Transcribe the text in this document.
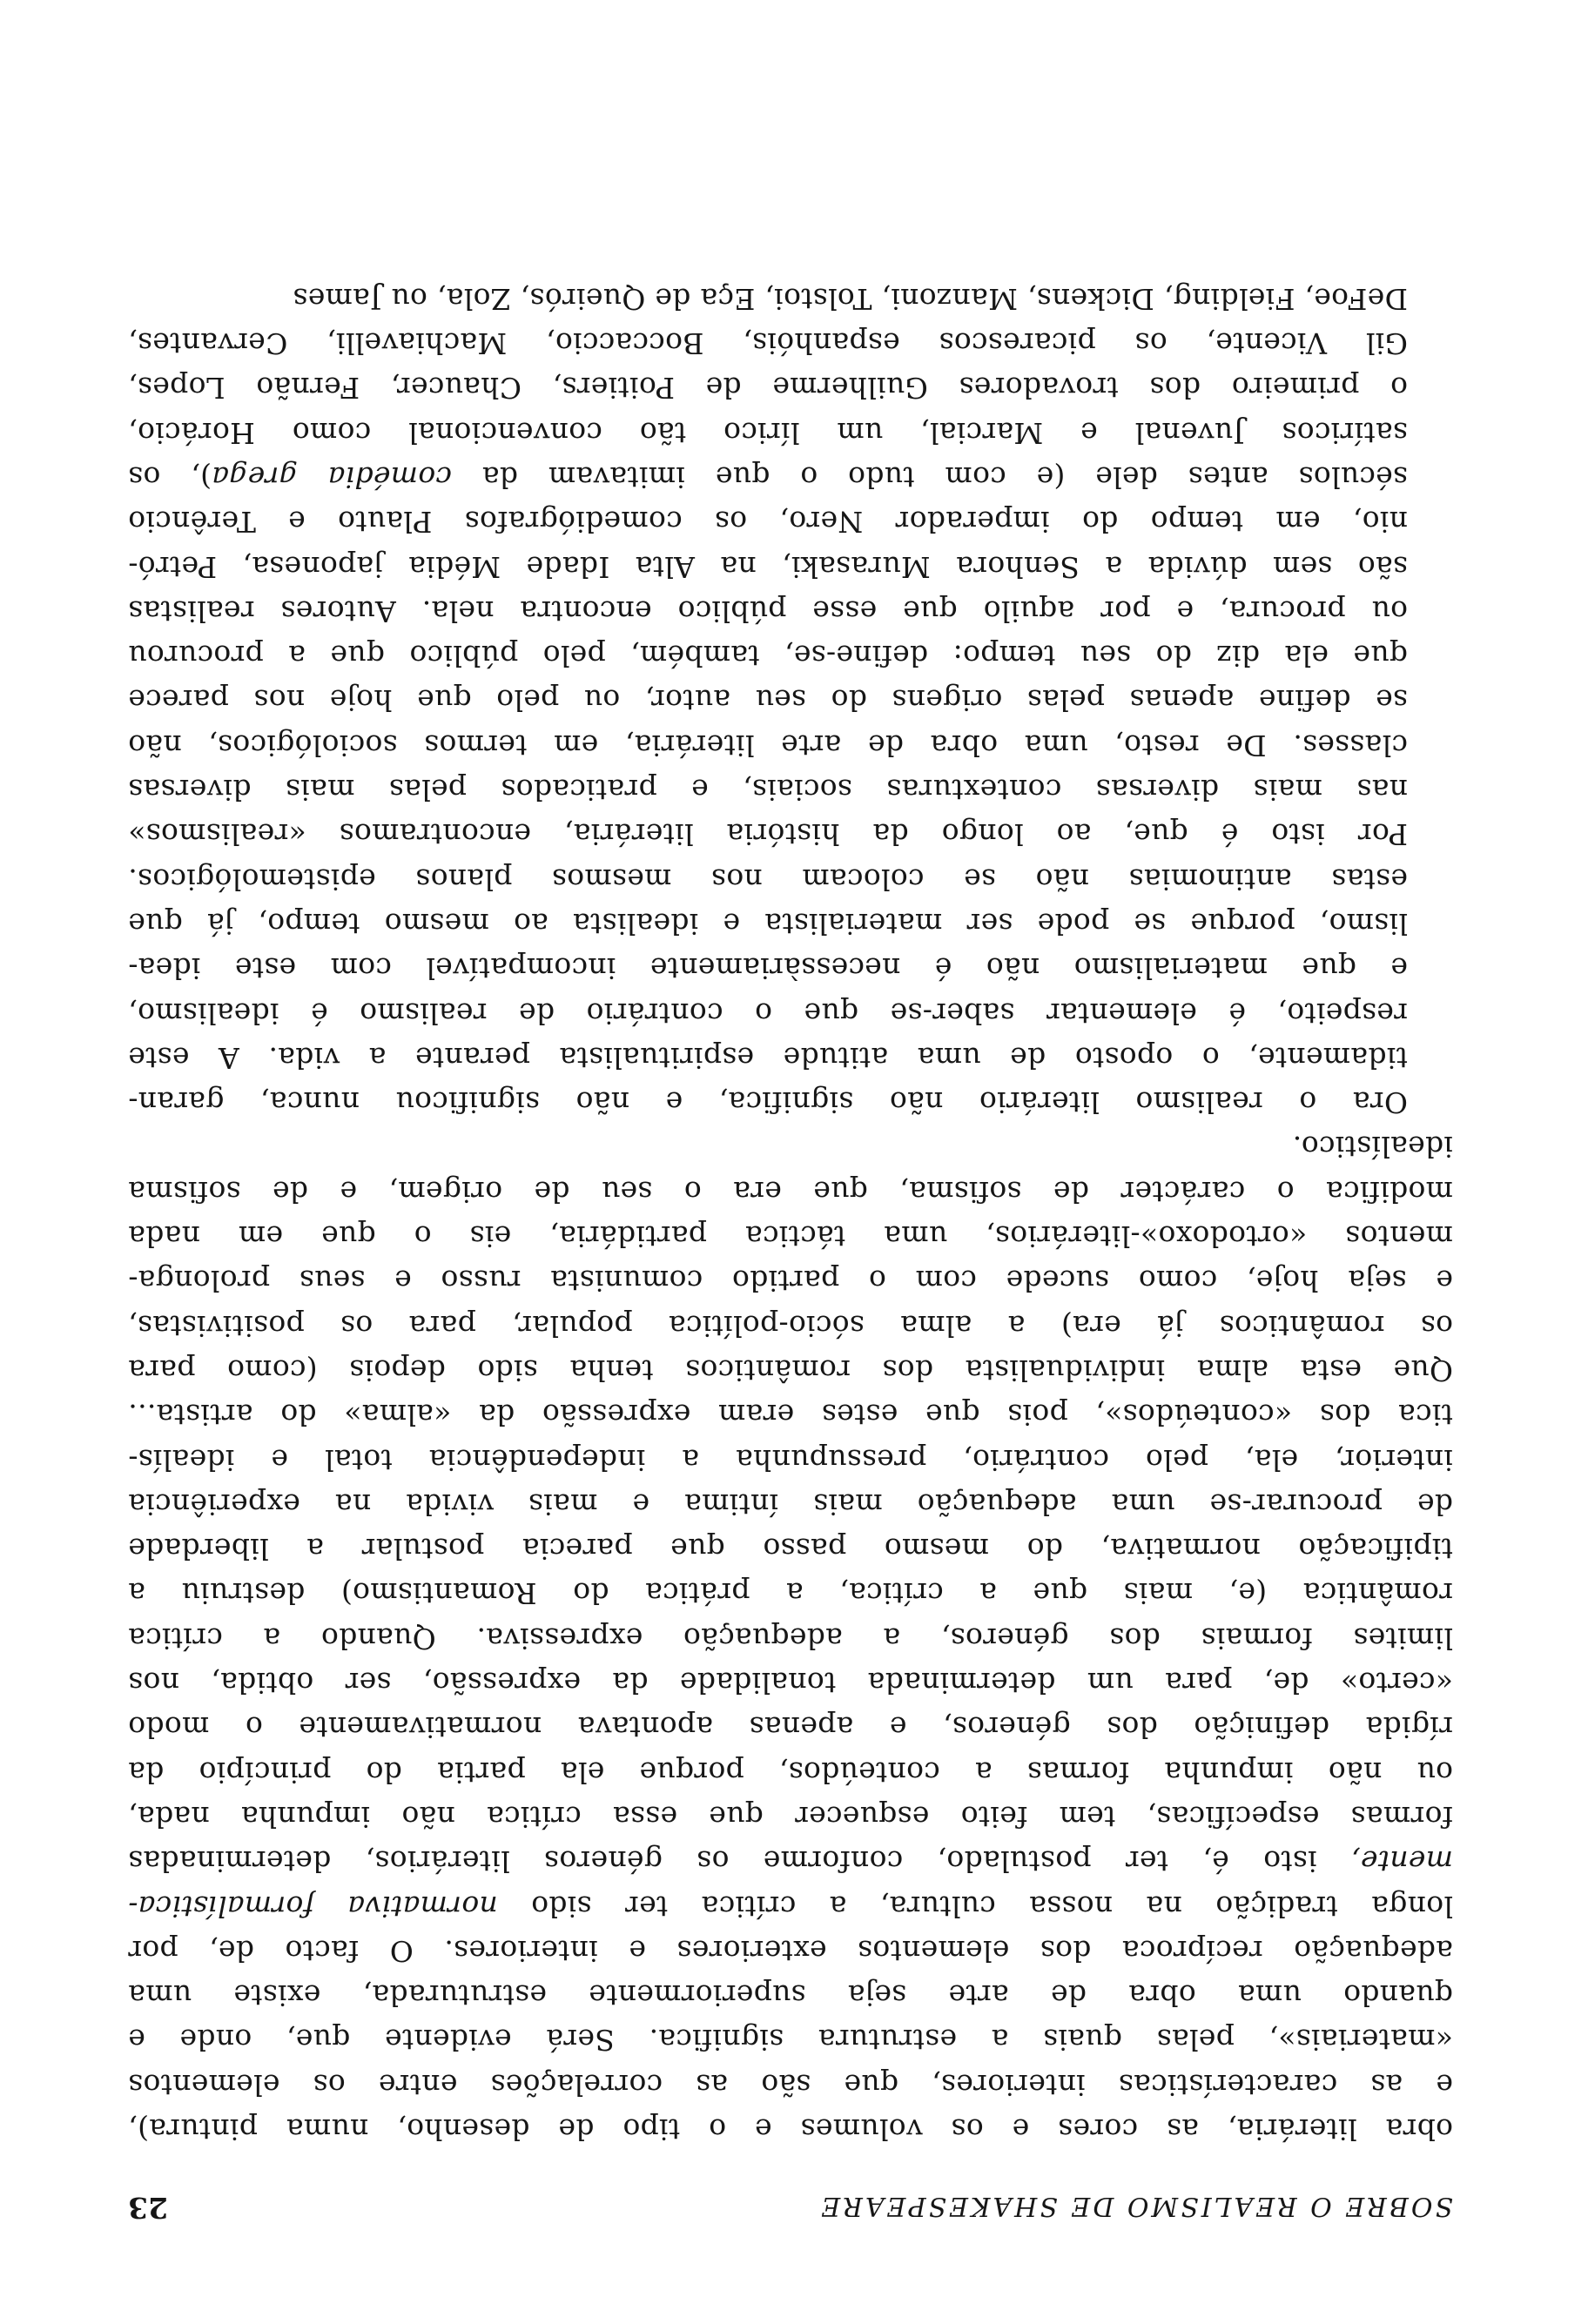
SOBRE O REALISMO DE SHAKESPEARE
23

obra literária, as cores e os volumes e o tipo de desenho, numa pintura),
e as características interiores, que são as correlações entre os elementos
«materiais», pelas quais a estrutura significa. Será evidente que, onde e
quando uma obra de arte seja superiormente estruturada, existe uma
adequação recíproca dos elementos exteriores e interiores. O facto de, por
longa tradição na nossa cultura, a crítica ter sido normativa formalística-
mente, isto é, ter postulado, conforme os géneros literários, determinadas
formas específicas, tem feito esquecer que essa crítica não impunha nada,
ou não impunha formas a conteúdos, porque ela partia do princípio da
rígida definição dos géneros, e apenas apontava normativamente o modo
«certo» de, para um determinada tonalidade da expressão, ser obtida, nos
limites formais dos géneros, a adequação expressiva. Quando a crítica
romântica (e, mais que a crítica, a prática do Romantismo) destruiu a
tipificação normativa, do mesmo passo que parecia postular a liberdade
de procurar-se uma adequação mais íntima e mais vivida na experiência
interior, ela, pelo contrário, pressupunha a independência total e idealís-
tica dos «conteúdos», pois que estes eram expressão da «alma» do artista...
Que esta alma individualista dos românticos tenha sido depois (como para
os românticos já era) a alma sócio-política popular, para os positivistas,
e seja hoje, como sucede com o partido comunista russo e seus prolonga-
mentos «ortodoxo»-literários, uma táctica partidária, eis o que em nada
modifica o carácter de sofisma, que era o seu de origem, e de sofisma
idealístico.

Ora o realismo literário não significa, e não significou nunca, garan-
tidamente, o oposto de uma atitude espiritualista perante a vida. A este
respeito, é elementar saber-se que o contrário de realismo é idealismo,
e que materialismo não é necessàriamente incompatível com este idea-
lismo, porque se pode ser materialista e idealista ao mesmo tempo, já que
estas antinomias não se colocam nos mesmos planos epistemológicos.
Por isto é que, ao longo da história literária, encontramos «realismos»
nas mais diversas contexturas sociais, e praticados pelas mais diversas
classes. De resto, uma obra de arte literária, em termos sociológicos, não
se define apenas pelas origens do seu autor, ou pelo que hoje nos parece
que ela diz do seu tempo: define-se, também, pelo público que a procurou
ou procura, e por aquilo que esse público encontra nela. Autores realistas
são sem dúvida a Senhora Murasaki, na Alta Idade Média japonesa, Petró-
nio, em tempo do imperador Nero, os comediógrafos Plauto e Terêncio
séculos antes dele (e com tudo o que imitavam da comédia grega), os
satíricos Juvenal e Marcial, um lírico tão convencional como Horácio,
o primeiro dos trovadores Guilherme de Poitiers, Chaucer, Fernão Lopes,
Gil Vicente, os picarescos espanhóis, Boccaccio, Machiavelli, Cervantes,
DeFoe, Fielding, Dickens, Manzoni, Tolstoi, Eça de Queirós, Zola, ou James
